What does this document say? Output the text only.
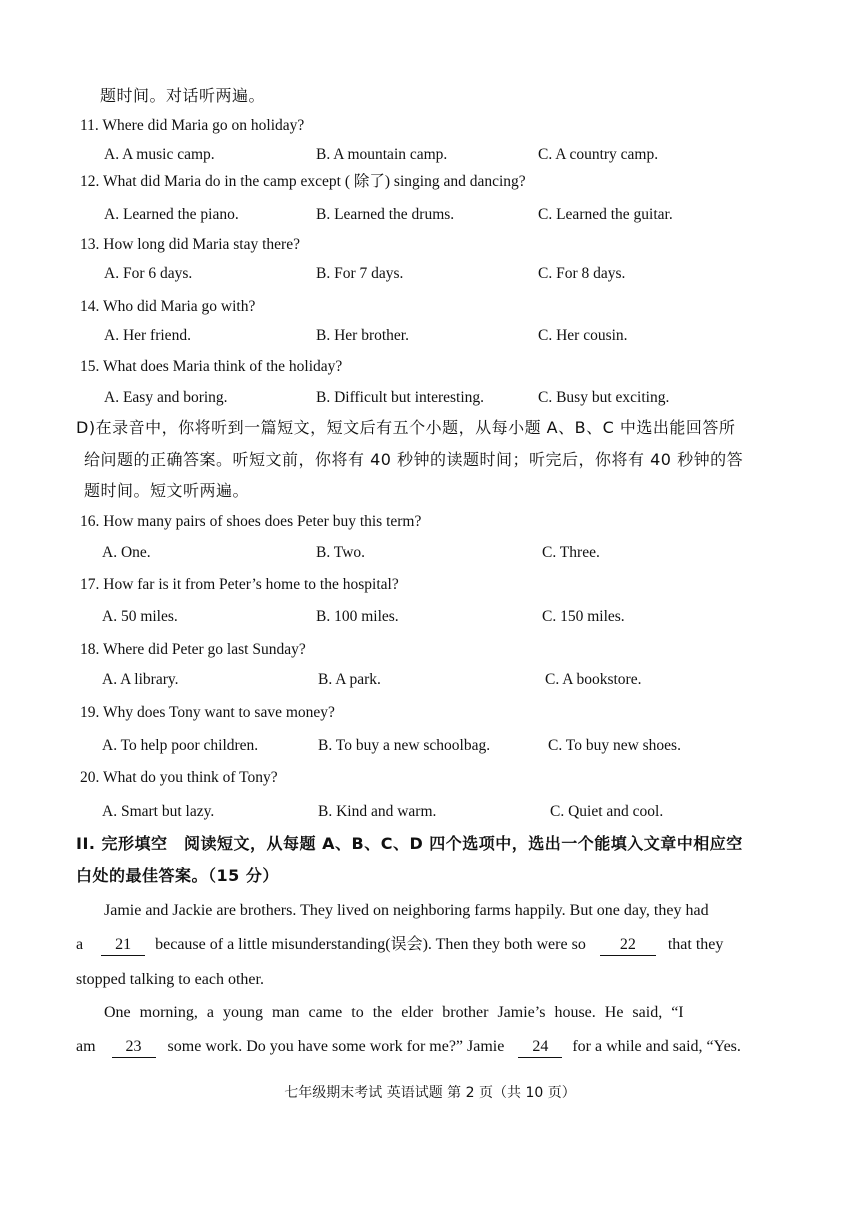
题时间。对话听两遍。
11. Where did Maria go on holiday?
A. A music camp.	B. A mountain camp.	C. A country camp.
12. What did Maria do in the camp except ( 除了) singing and dancing?
A. Learned the piano.	B. Learned the drums.	C. Learned the guitar.
13. How long did Maria stay there?
A. For 6 days.	B. For 7 days.	C. For 8 days.
14. Who did Maria go with?
A. Her friend.	B. Her brother.	C. Her cousin.
15. What does Maria think of the holiday?
A. Easy and boring.	B. Difficult but interesting.	C. Busy but exciting.
D)在录音中，你将听到一篇短文，短文后有五个小题，从每小题 A、B、C 中选出能回答所
给问题的正确答案。听短文前，你将有 40 秒钟的读题时间；听完后，你将有 40 秒钟的答
题时间。短文听两遍。
16. How many pairs of shoes does Peter buy this term?
A. One.	B. Two.	C. Three.
17. How far is it from Peter’s home to the hospital?
A. 50 miles.	B. 100 miles.	C. 150 miles.
18. Where did Peter go last Sunday?
A. A library.	B. A park.	C. A bookstore.
19. Why does Tony want to save money?
A. To help poor children.	B. To buy a new schoolbag.	C. To buy new shoes.
20. What do you think of Tony?
A. Smart but lazy.	B. Kind and warm.	C. Quiet and cool.
II. 完形填空　阅读短文，从每题 A、B、C、D 四个选项中，选出一个能填入文章中相应空
白处的最佳答案。（15 分）
Jamie and Jackie are brothers. They lived on neighboring farms happily. But one day, they had
a 21 because of a little misunderstanding(误会). Then they both were so 22 that they
stopped talking to each other.
One morning, a young man came to the elder brother Jamie’s house. He said, “I
am 23 some work. Do you have some work for me?” Jamie 24 for a while and said, “Yes.
七年级期末考试 英语试题 第 2 页（共 10 页）
